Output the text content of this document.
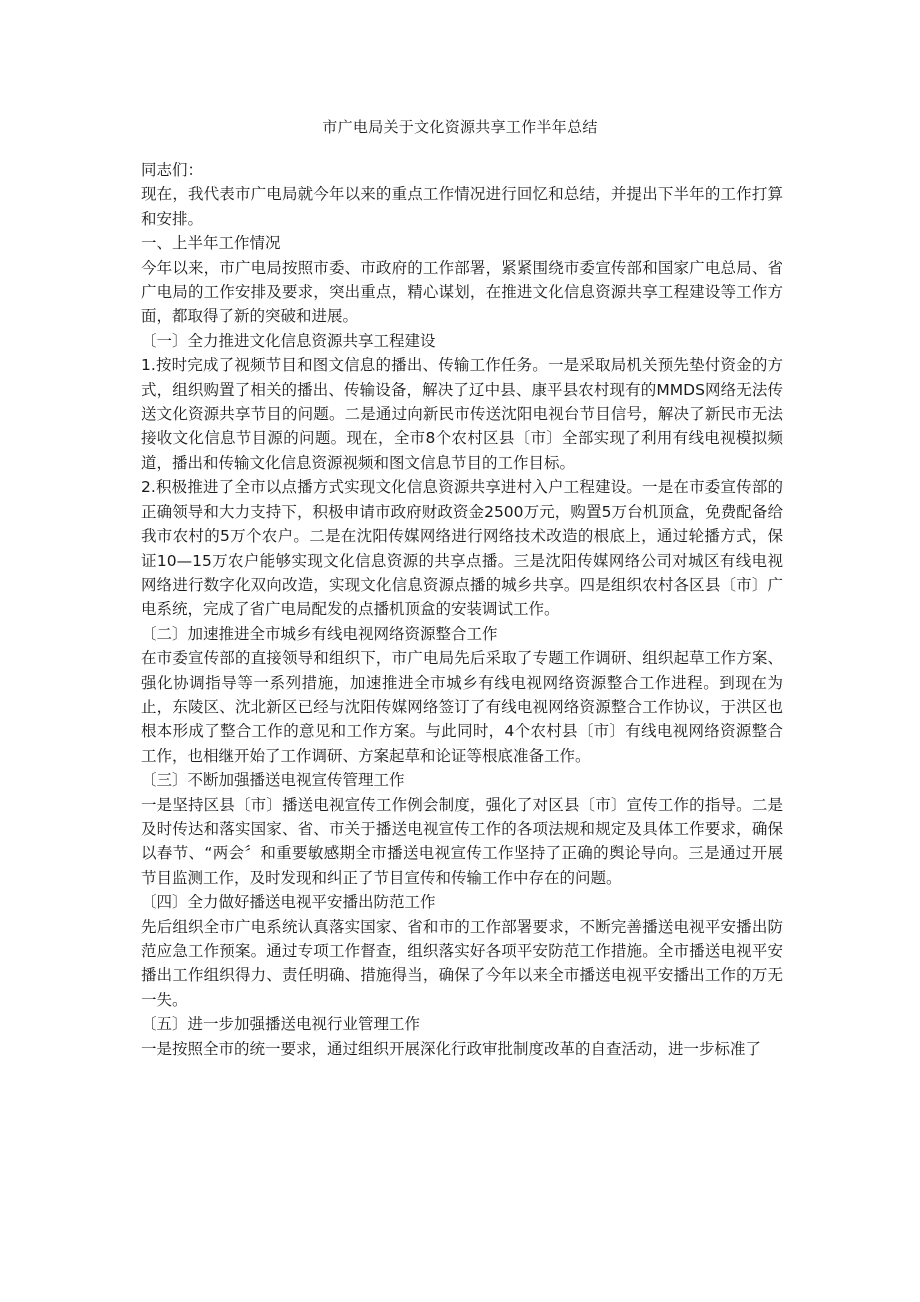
市广电局关于文化资源共享工作半年总结

同志们：

现在，我代表市广电局就今年以来的重点工作情况进行回忆和总结，并提出下半年的工作打算和安排。

一、上半年工作情况

今年以来，市广电局按照市委、市政府的工作部署，紧紧围绕市委宣传部和国家广电总局、省广电局的工作安排及要求，突出重点，精心谋划，在推进文化信息资源共享工程建设等工作方面，都取得了新的突破和进展。

〔一〕全力推进文化信息资源共享工程建设

1.按时完成了视频节目和图文信息的播出、传输工作任务。一是采取局机关预先垫付资金的方式，组织购置了相关的播出、传输设备，解决了辽中县、康平县农村现有的MMDS网络无法传送文化资源共享节目的问题。二是通过向新民市传送沈阳电视台节目信号，解决了新民市无法接收文化信息节目源的问题。现在，全市8个农村区县〔市〕全部实现了利用有线电视模拟频道，播出和传输文化信息资源视频和图文信息节目的工作目标。

2.积极推进了全市以点播方式实现文化信息资源共享进村入户工程建设。一是在市委宣传部的正确领导和大力支持下，积极申请市政府财政资金2500万元，购置5万台机顶盒，免费配备给我市农村的5万个农户。二是在沈阳传媒网络进行网络技术改造的根底上，通过轮播方式，保证10—15万农户能够实现文化信息资源的共享点播。三是沈阳传媒网络公司对城区有线电视网络进行数字化双向改造，实现文化信息资源点播的城乡共享。四是组织农村各区县〔市〕广电系统，完成了省广电局配发的点播机顶盒的安装调试工作。

〔二〕加速推进全市城乡有线电视网络资源整合工作

在市委宣传部的直接领导和组织下，市广电局先后采取了专题工作调研、组织起草工作方案、强化协调指导等一系列措施，加速推进全市城乡有线电视网络资源整合工作进程。到现在为止，东陵区、沈北新区已经与沈阳传媒网络签订了有线电视网络资源整合工作协议，于洪区也根本形成了整合工作的意见和工作方案。与此同时，4个农村县〔市〕有线电视网络资源整合工作，也相继开始了工作调研、方案起草和论证等根底准备工作。

〔三〕不断加强播送电视宣传管理工作

一是坚持区县〔市〕播送电视宣传工作例会制度，强化了对区县〔市〕宣传工作的指导。二是及时传达和落实国家、省、市关于播送电视宣传工作的各项法规和规定及具体工作要求，确保以春节、“两会〞和重要敏感期全市播送电视宣传工作坚持了正确的舆论导向。三是通过开展节目监测工作，及时发现和纠正了节目宣传和传输工作中存在的问题。

〔四〕全力做好播送电视平安播出防范工作

先后组织全市广电系统认真落实国家、省和市的工作部署要求，不断完善播送电视平安播出防范应急工作预案。通过专项工作督查，组织落实好各项平安防范工作措施。全市播送电视平安播出工作组织得力、责任明确、措施得当，确保了今年以来全市播送电视平安播出工作的万无一失。

〔五〕进一步加强播送电视行业管理工作

一是按照全市的统一要求，通过组织开展深化行政审批制度改革的自查活动，进一步标准了
